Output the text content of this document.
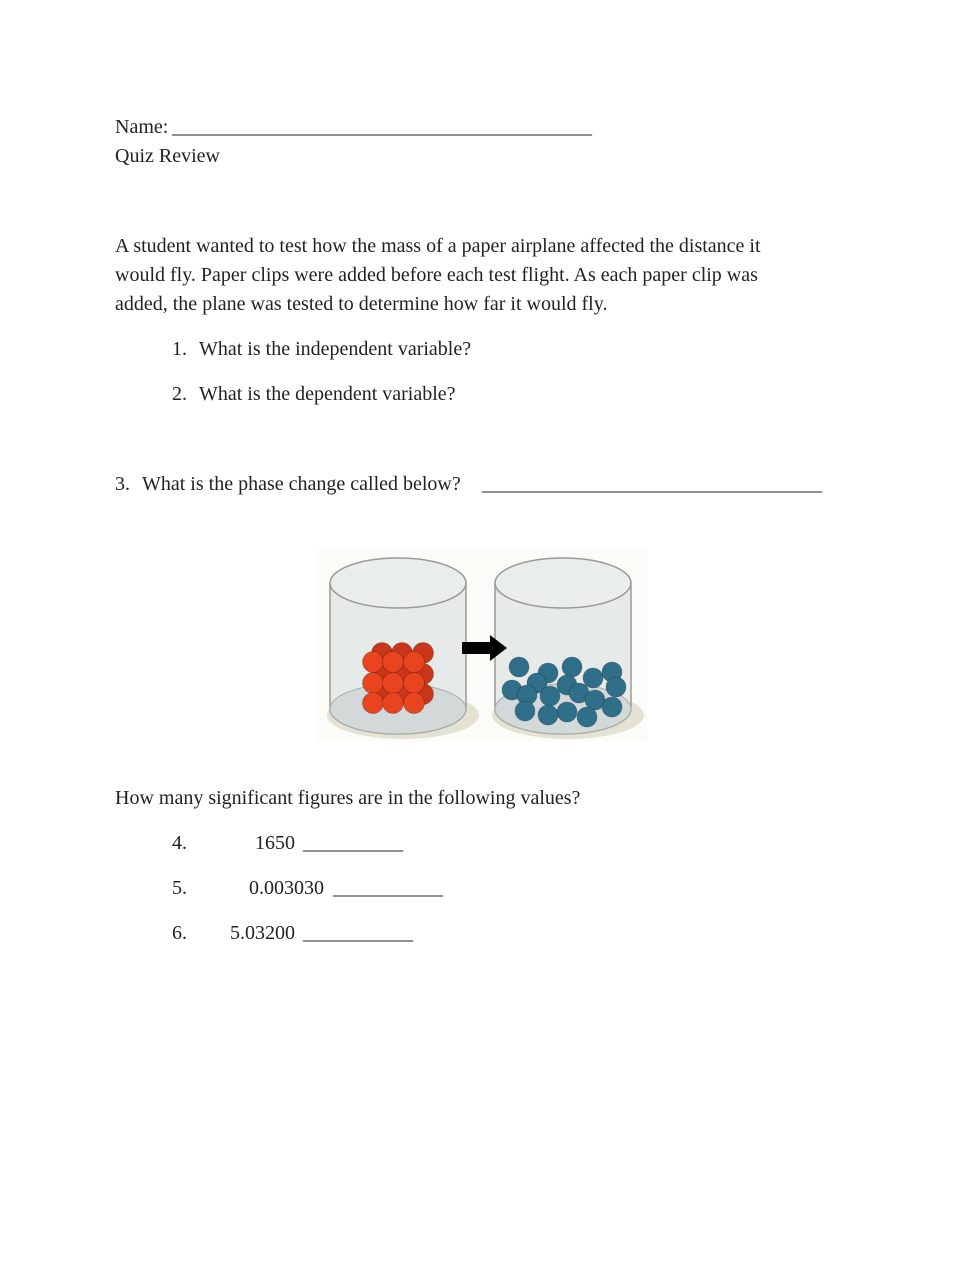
Name: __________________________________________
Quiz Review
A student wanted to test how the mass of a paper airplane affected the distance it
would fly. Paper clips were added before each test flight. As each paper clip was
added, the plane was tested to determine how far it would fly.
1. What is the independent variable?
2. What is the dependent variable?
3. What is the phase change called below? __________________________________
How many significant figures are in the following values?
4.	1650 __________
5.	0.003030 ___________
6. 5.03200 ___________
